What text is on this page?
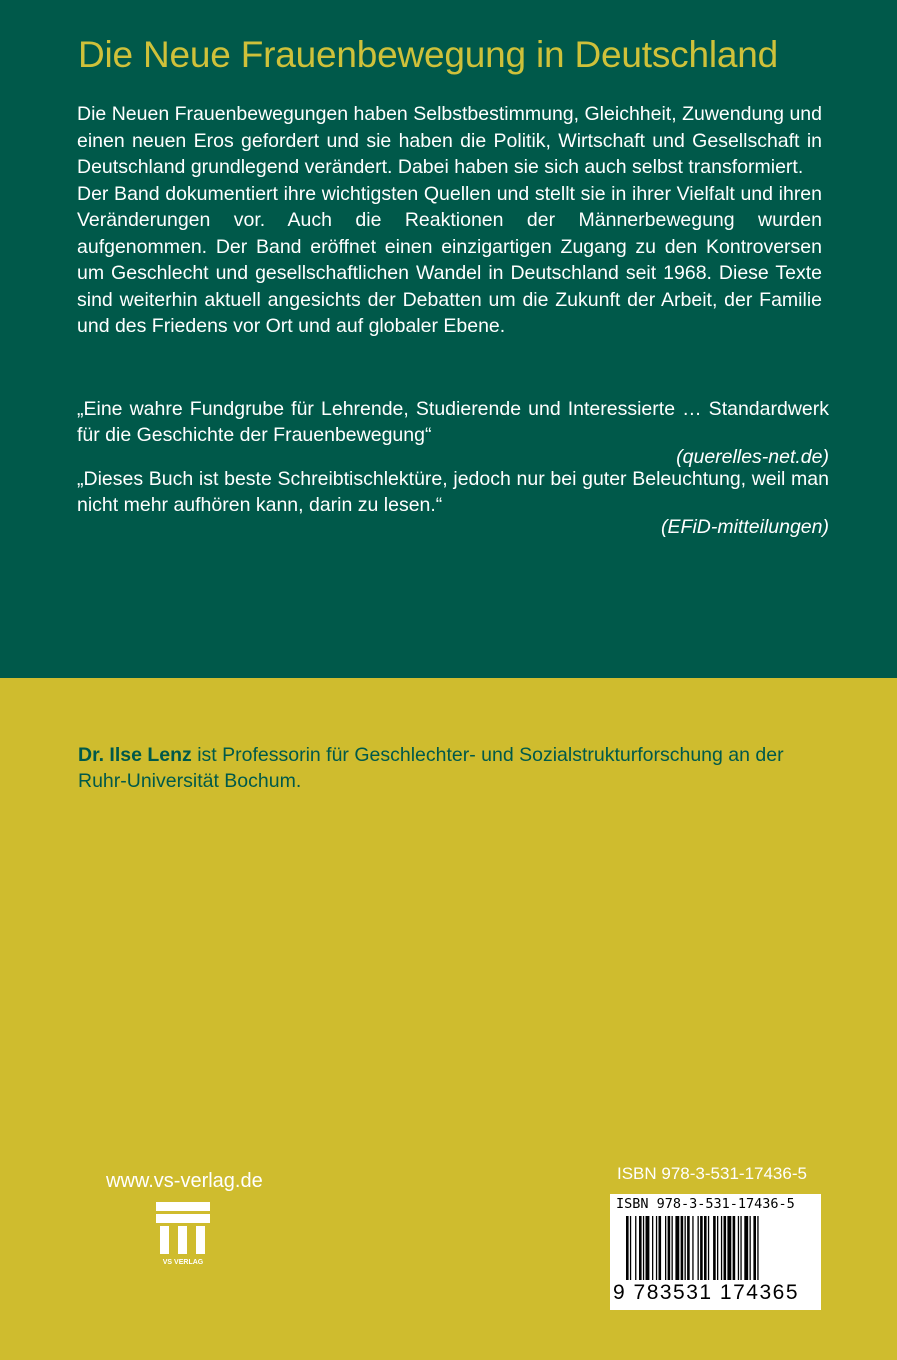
Die Neue Frauenbewegung in Deutschland

Die Neuen Frauenbewegungen haben Selbstbestimmung, Gleichheit, Zuwendung und einen neuen Eros gefordert und sie haben die Politik, Wirtschaft und Gesellschaft in Deutschland grundlegend verändert. Dabei haben sie sich auch selbst transformiert.

Der Band dokumentiert ihre wichtigsten Quellen und stellt sie in ihrer Vielfalt und ihren Veränderungen vor. Auch die Reaktionen der Männerbewegung wurden aufgenommen. Der Band eröffnet einen einzigartigen Zugang zu den Kontroversen um Geschlecht und gesellschaftlichen Wandel in Deutschland seit 1968. Diese Texte sind weiterhin aktuell angesichts der Debatten um die Zukunft der Arbeit, der Familie und des Friedens vor Ort und auf globaler Ebene.

„Eine wahre Fundgrube für Lehrende, Studierende und Interessierte … Standardwerk für die Geschichte der Frauenbewegung“

(querelles-net.de)

„Dieses Buch ist beste Schreibtischlektüre, jedoch nur bei guter Beleuchtung, weil man nicht mehr aufhören kann, darin zu lesen.“

(EFiD-mitteilungen)
Dr. Ilse Lenz ist Professorin für Geschlechter- und Sozialstrukturforschung an der Ruhr-Universität Bochum.
www.vs-verlag.de
VS VERLAG
ISBN 978-3-531-17436-5
ISBN 978-3-531-17436-5
9 783531 174365
